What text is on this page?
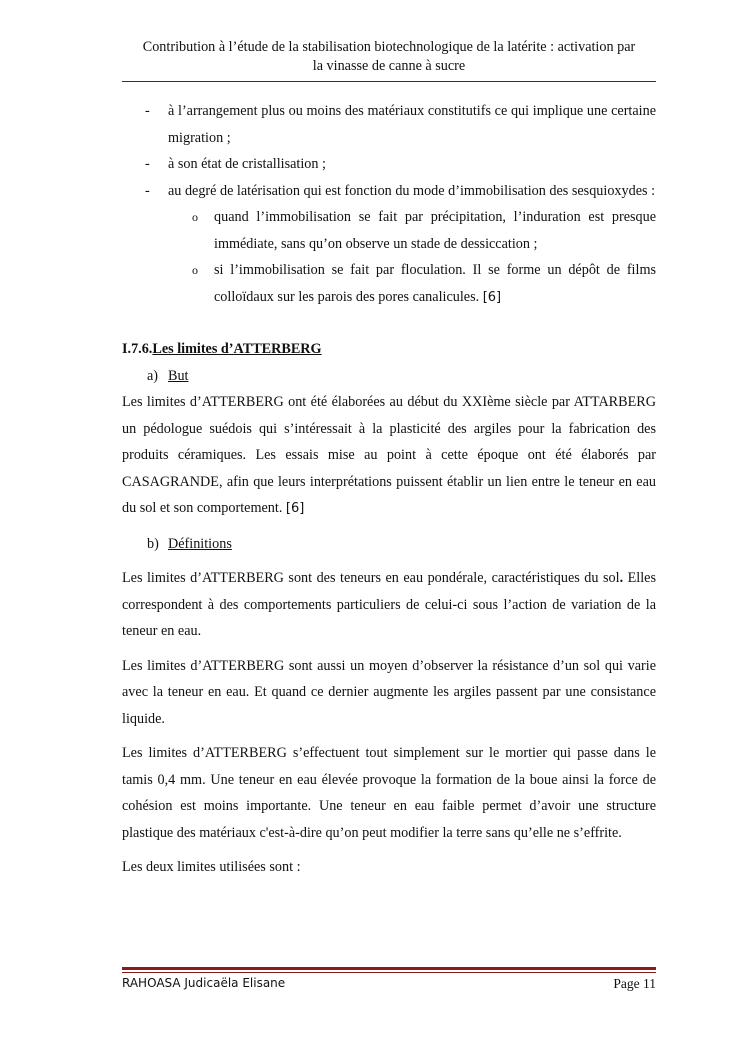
Contribution à l’étude de la stabilisation biotechnologique de la latérite : activation par
la vinasse de canne à sucre
- à l’arrangement plus ou moins des matériaux constitutifs ce qui implique une certaine migration ;
- à son état de cristallisation ;
- au degré de latérisation qui est fonction du mode d’immobilisation des sesquioxydes :
o quand l’immobilisation se fait par précipitation, l’induration est presque immédiate, sans qu’on observe un stade de dessiccation ;
o si l’immobilisation se fait par floculation. Il se forme un dépôt de films colloïdaux sur les parois des pores canalicules. [6]
I.7.6.Les limites d’ATTERBERG
a) But

Les limites d’ATTERBERG ont été élaborées au début du XXIème siècle par ATTARBERG un pédologue suédois qui s’intéressait à la plasticité des argiles pour la fabrication des produits céramiques. Les essais mise au point à cette époque ont été élaborés par CASAGRANDE, afin que leurs interprétations puissent établir un lien entre le teneur en eau du sol et son comportement. [6]

b) Définitions

Les limites d’ATTERBERG sont des teneurs en eau pondérale, caractéristiques du sol. Elles correspondent à des comportements particuliers de celui-ci sous l’action de variation de la teneur en eau.

Les limites d’ATTERBERG sont aussi un moyen d’observer la résistance d’un sol qui varie avec la teneur en eau. Et quand ce dernier augmente les argiles passent par une consistance liquide.

Les limites d’ATTERBERG s’effectuent tout simplement sur le mortier qui passe dans le tamis 0,4 mm. Une teneur en eau élevée provoque la formation de la boue ainsi la force de cohésion est moins importante. Une teneur en eau faible permet d’avoir une structure plastique des matériaux c'est-à-dire qu’on peut modifier la terre sans qu’elle ne s’effrite.

Les deux limites utilisées sont :

RAHOASA Judicaëla Elisane	Page 11
